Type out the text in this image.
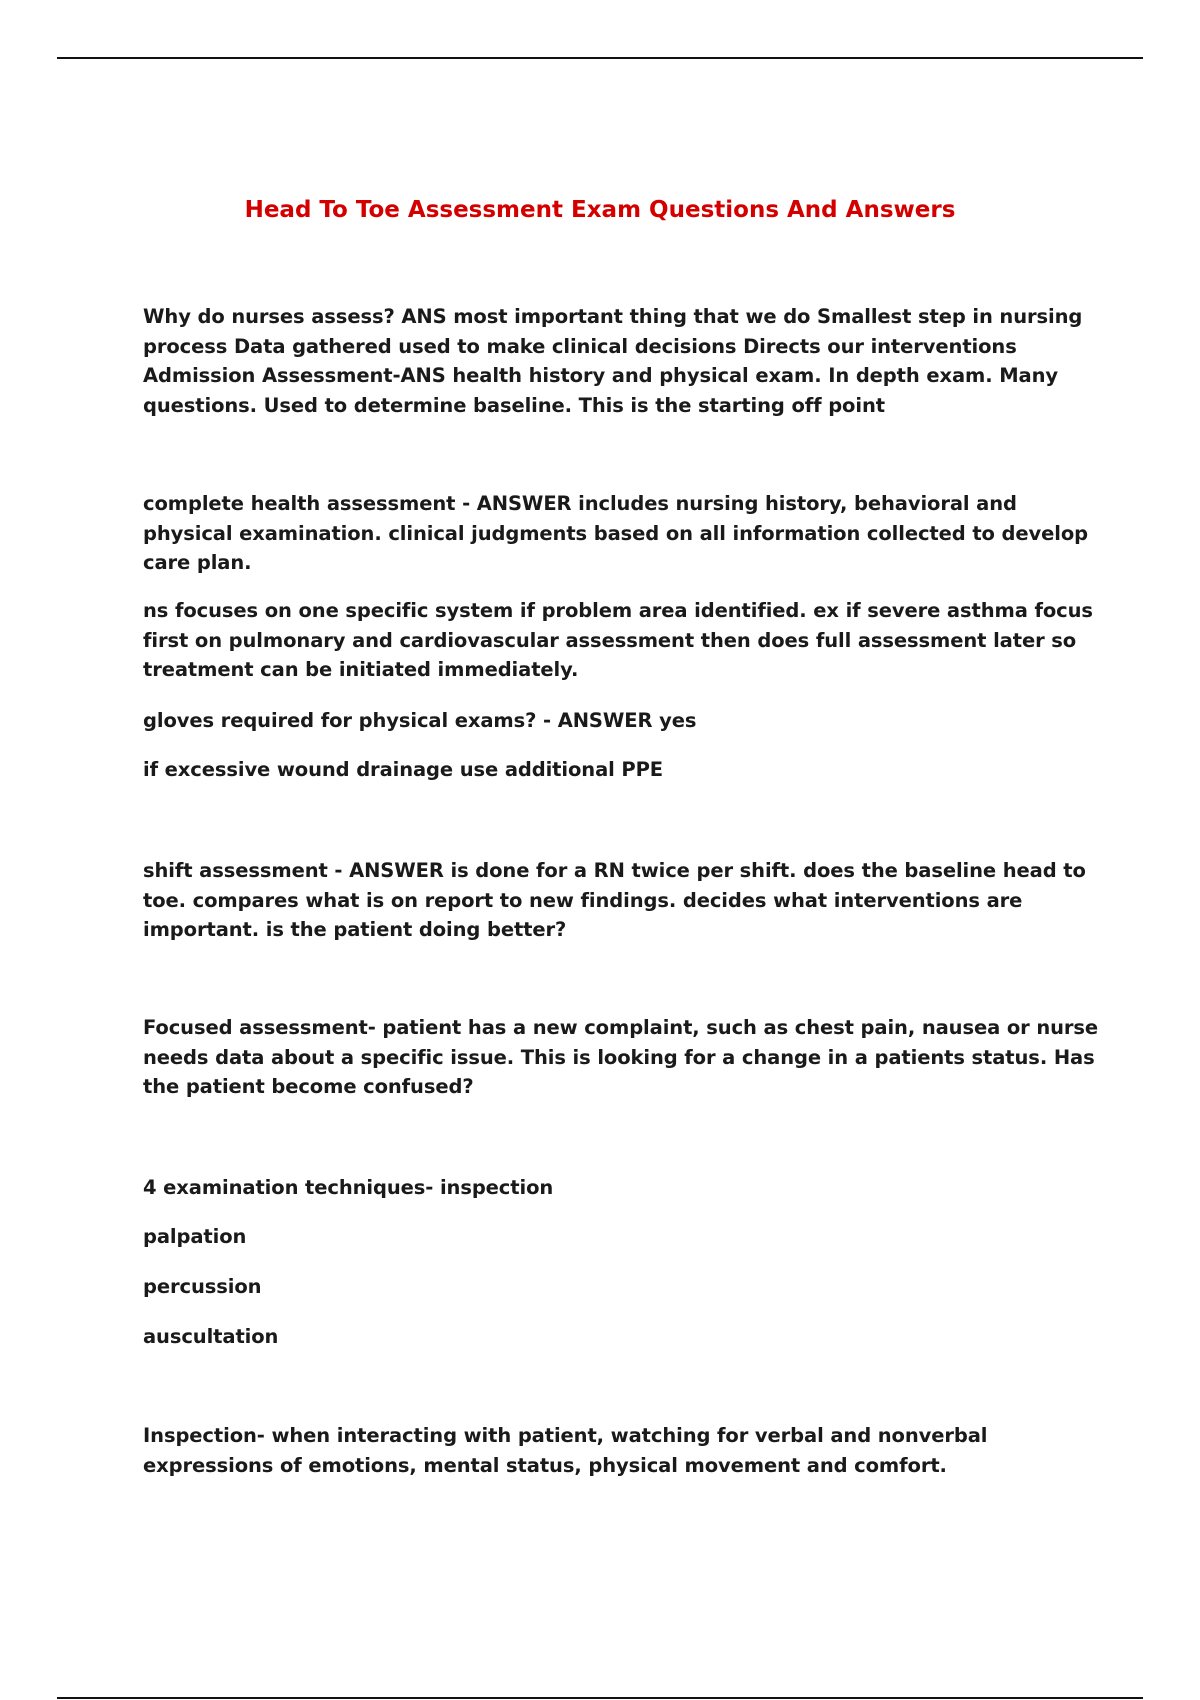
Head To Toe Assessment Exam Questions And Answers

Why do nurses assess? ANS most important thing that we do Smallest step in nursing process Data gathered used to make clinical decisions Directs our interventions Admission Assessment-ANS health history and physical exam. In depth exam. Many questions. Used to determine baseline. This is the starting off point

complete health assessment - ANSWER includes nursing history, behavioral and physical examination. clinical judgments based on all information collected to develop care plan.

ns focuses on one specific system if problem area identified. ex if severe asthma focus first on pulmonary and cardiovascular assessment then does full assessment later so treatment can be initiated immediately.

gloves required for physical exams? - ANSWER yes

if excessive wound drainage use additional PPE

shift assessment - ANSWER is done for a RN twice per shift. does the baseline head to toe. compares what is on report to new findings. decides what interventions are important. is the patient doing better?

Focused assessment- patient has a new complaint, such as chest pain, nausea or nurse needs data about a specific issue. This is looking for a change in a patients status. Has the patient become confused?

4 examination techniques- inspection

palpation

percussion

auscultation

Inspection- when interacting with patient, watching for verbal and nonverbal expressions of emotions, mental status, physical movement and comfort.
